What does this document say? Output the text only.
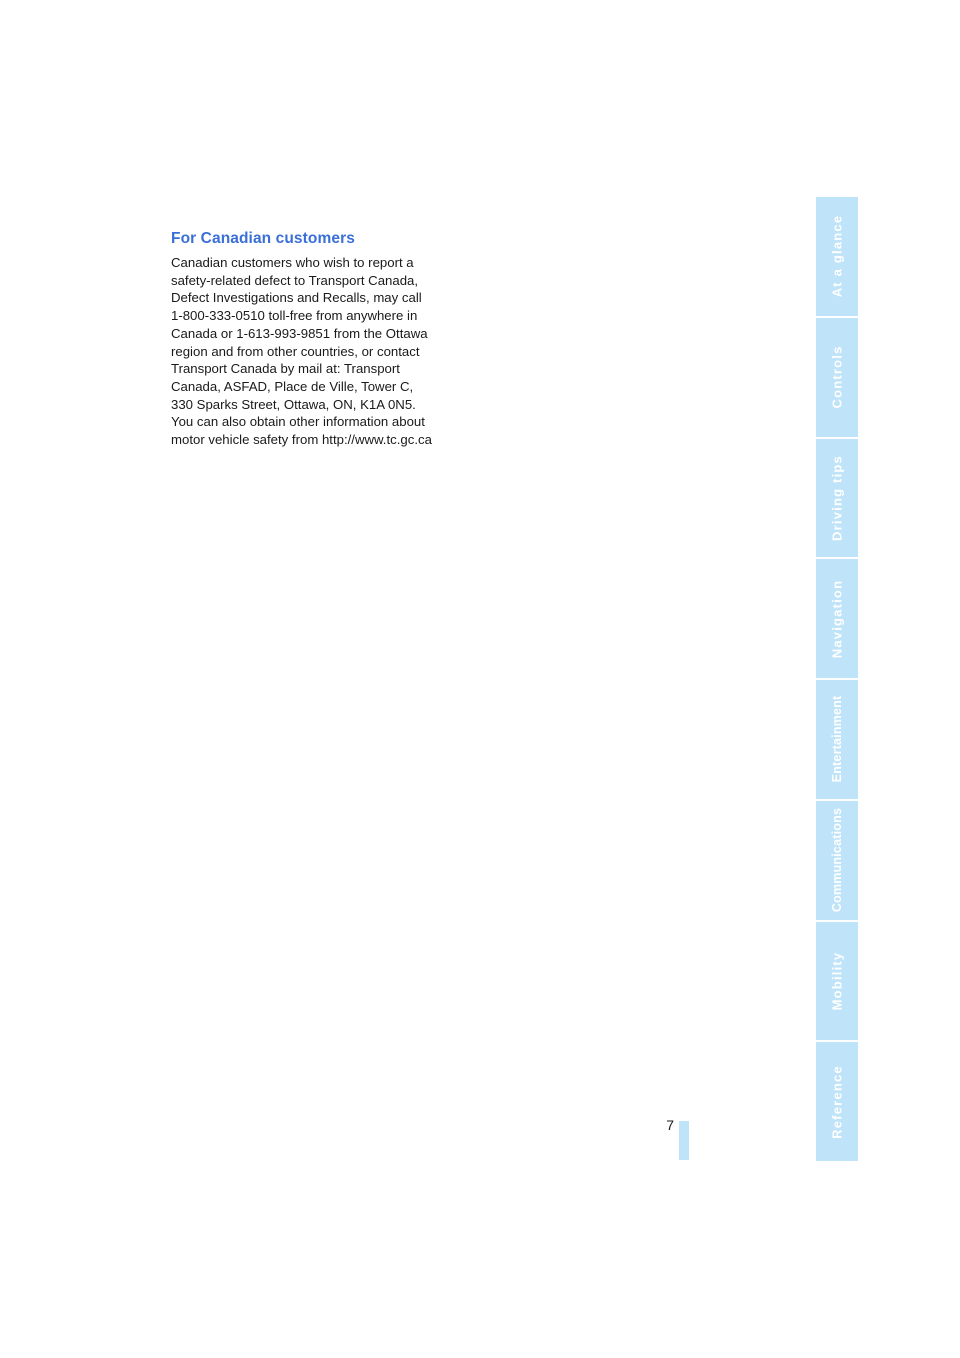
For Canadian customers
Canadian customers who wish to report a
safety-related defect to Transport Canada,
Defect Investigations and Recalls, may call
1-800-333-0510 toll-free from anywhere in
Canada or 1-613-993-9851 from the Ottawa
region and from other countries, or contact
Transport Canada by mail at: Transport
Canada, ASFAD, Place de Ville, Tower C,
330 Sparks Street, Ottawa, ON, K1A 0N5.
You can also obtain other information about
motor vehicle safety from http://www.tc.gc.ca
7
At a glance
Controls
Driving tips
Navigation
Entertainment
Communications
Mobility
Reference
